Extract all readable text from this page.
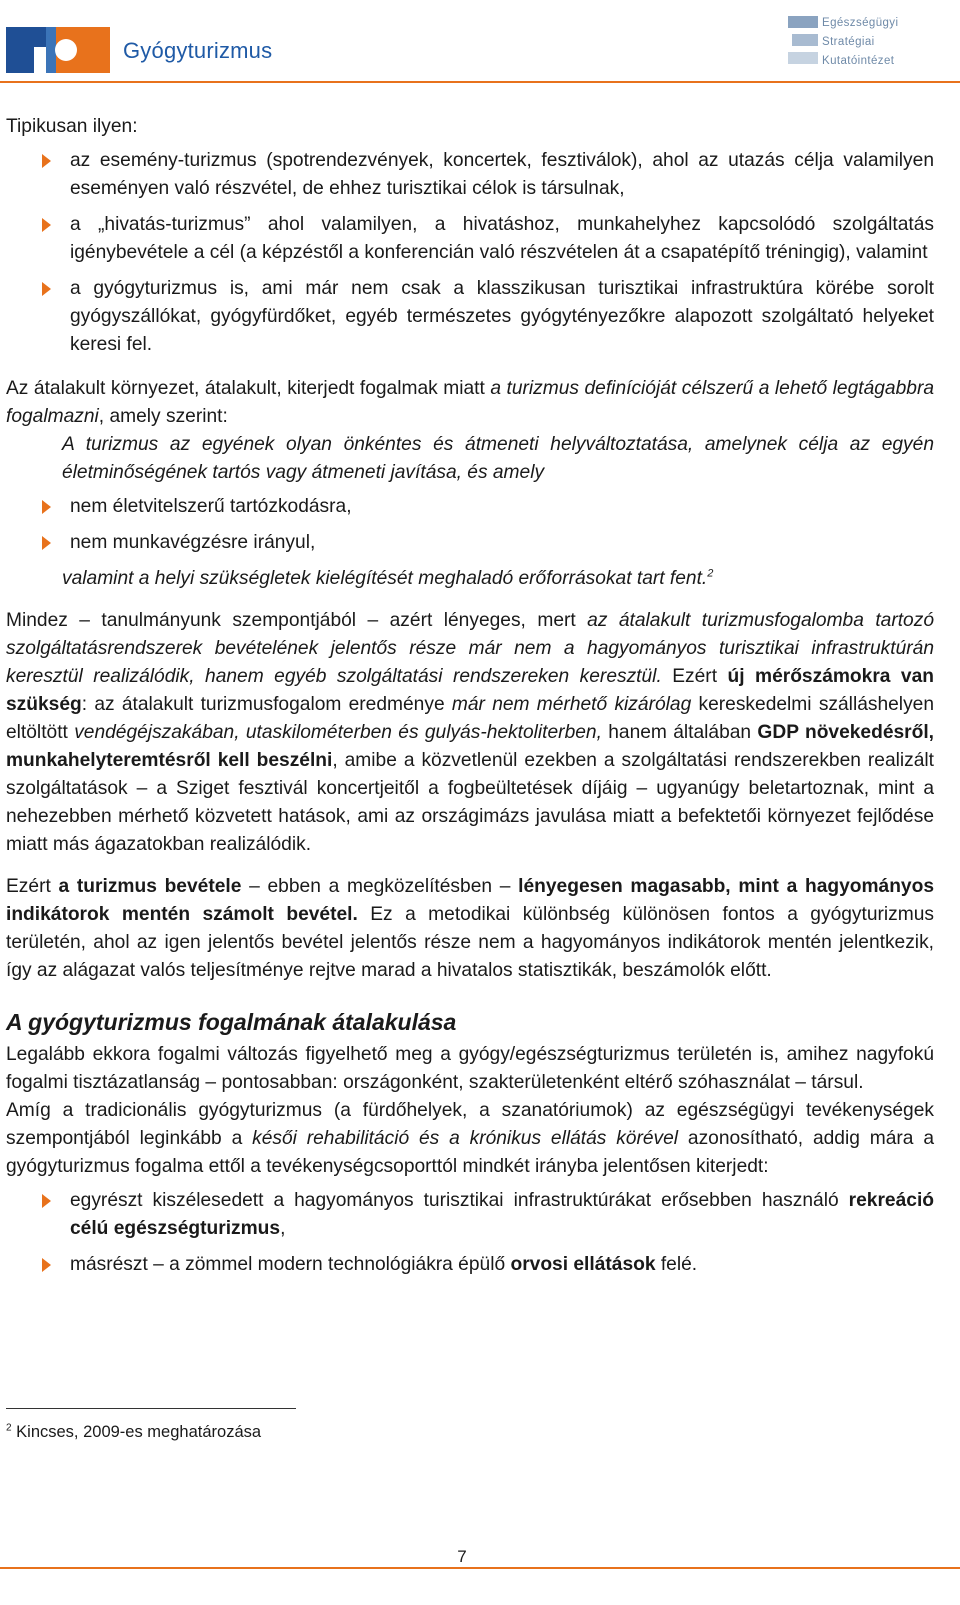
Gyógyturizmus
Egészségügyi
Stratégiai
Kutatóintézet

Tipikusan ilyen:

az esemény-turizmus (spotrendezvények, koncertek, fesztiválok), ahol az utazás célja valamilyen eseményen való részvétel, de ehhez turisztikai célok is társulnak,
a „hivatás-turizmus” ahol valamilyen, a hivatáshoz, munkahelyhez kapcsolódó szolgáltatás igénybevétele a cél (a képzéstől a konferencián való részvételen át a csapatépítő tréningig), valamint
a gyógyturizmus is, ami már nem csak a klasszikusan turisztikai infrastruktúra körébe sorolt gyógyszállókat, gyógyfürdőket, egyéb természetes gyógytényezőkre alapozott szolgáltató helyeket keresi fel.

Az átalakult környezet, átalakult, kiterjedt fogalmak miatt a turizmus definícióját célszerű a lehető legtágabbra fogalmazni, amely szerint:

A turizmus az egyének olyan önkéntes és átmeneti helyváltoztatása, amelynek célja az egyén életminőségének tartós vagy átmeneti javítása, és amely

nem életvitelszerű tartózkodásra,
nem munkavégzésre irányul,

valamint a helyi szükségletek kielégítését meghaladó erőforrásokat tart fent.$^2$

Mindez – tanulmányunk szempontjából – azért lényeges, mert az átalakult turizmusfogalomba tartozó szolgáltatásrendszerek bevételének jelentős része már nem a hagyományos turisztikai infrastruktúrán keresztül realizálódik, hanem egyéb szolgáltatási rendszereken keresztül. Ezért új mérőszámokra van szükség: az átalakult turizmusfogalom eredménye már nem mérhető kizárólag kereskedelmi szálláshelyen eltöltött vendégéjszakában, utaskilométerben és gulyás-hektoliterben, hanem általában GDP növekedésről, munkahelyteremtésről kell beszélni, amibe a közvetlenül ezekben a szolgáltatási rendszerekben realizált szolgáltatások – a Sziget fesztivál koncertjeitől a fogbeültetések díjáig – ugyanúgy beletartoznak, mint a nehezebben mérhető közvetett hatások, ami az országimázs javulása miatt a befektetői környezet fejlődése miatt más ágazatokban realizálódik.

Ezért a turizmus bevétele – ebben a megközelítésben – lényegesen magasabb, mint a hagyományos indikátorok mentén számolt bevétel. Ez a metodikai különbség különösen fontos a gyógyturizmus területén, ahol az igen jelentős bevétel jelentős része nem a hagyományos indikátorok mentén jelentkezik, így az alágazat valós teljesítménye rejtve marad a hivatalos statisztikák, beszámolók előtt.

A gyógyturizmus fogalmának átalakulása

Legalább ekkora fogalmi változás figyelhető meg a gyógy/egészségturizmus területén is, amihez nagyfokú fogalmi tisztázatlanság – pontosabban: országonként, szakterületenként eltérő szóhasználat – társul.

Amíg a tradicionális gyógyturizmus (a fürdőhelyek, a szanatóriumok) az egészségügyi tevékenységek szempontjából leginkább a késői rehabilitáció és a krónikus ellátás körével azonosítható, addig mára a gyógyturizmus fogalma ettől a tevékenységcsoporttól mindkét irányba jelentősen kiterjedt:

egyrészt kiszélesedett a hagyományos turisztikai infrastruktúrákat erősebben használó rekreáció célú egészségturizmus,
másrészt – a zömmel modern technológiákra épülő orvosi ellátások felé.
$^2$ Kincses, 2009-es meghatározása
7
